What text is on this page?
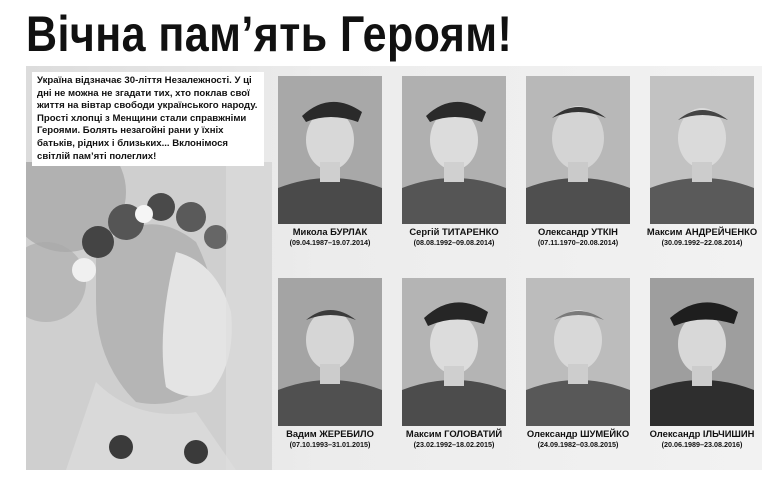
Вічна пам’ять Героям!

Україна відзначає 30-ліття Незалежності. У ці дні не можна не згадати тих, хто поклав свої життя на вівтар свободи українського народу. Прості хлопці з Менщини стали справжніми Героями. Болять незагойні рани у їхніх батьків, рідних і близьких... Вклонімося світлій пам’яті полеглих!

Микола БУРЛАК
(09.04.1987–19.07.2014)
Сергій ТИТАРЕНКО
(08.08.1992–09.08.2014)
Олександр УТКІН
(07.11.1970–20.08.2014)
Максим АНДРЕЙЧЕНКО
(30.09.1992–22.08.2014)
Вадим ЖЕРЕБИЛО
(07.10.1993–31.01.2015)
Максим ГОЛОВАТИЙ
(23.02.1992–18.02.2015)
Олександр ШУМЕЙКО
(24.09.1982–03.08.2015)
Олександр ІЛЬЧИШИН
(20.06.1989–23.08.2016)
